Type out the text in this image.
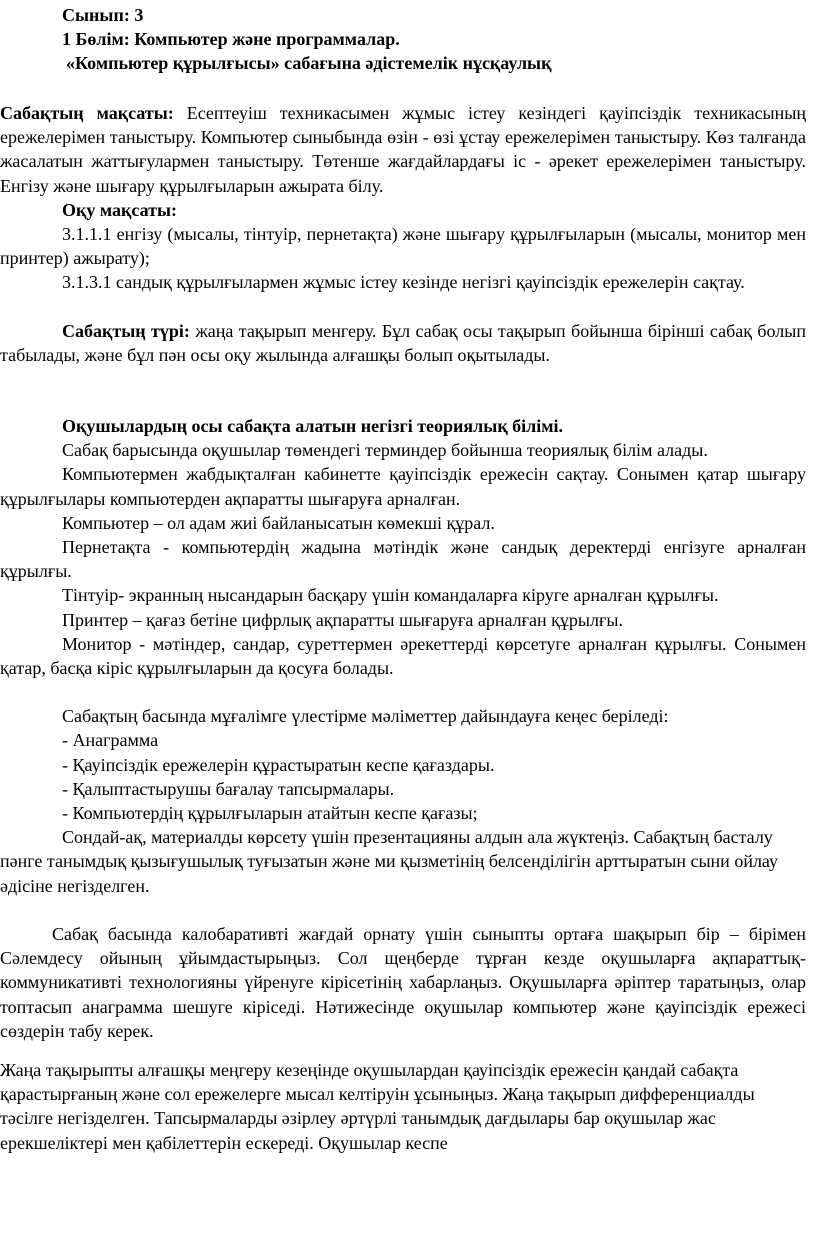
Сынып: 3
1 Бөлім: Компьютер және программалар.
«Компьютер құрылғысы» сабағына әдістемелік нұсқаулық

Сабақтың мақсаты: Есептеуіш техникасымен жұмыс істеу кезіндегі қауіпсіздік техникасының ережелерімен таныстыру. Компьютер сыныбында өзін - өзі ұстау ережелерімен таныстыру. Көз талғанда жасалатын жаттығулармен таныстыру. Төтенше жағдайлардағы іс - әрекет ережелерімен таныстыру. Енгізу және шығару құрылғыларын ажырата білу.

Оқу мақсаты:

3.1.1.1 енгізу (мысалы, тінтуір, пернетақта) және шығару құрылғыларын (мысалы, монитор мен принтер) ажырату);

3.1.3.1 сандық құрылғылармен жұмыс істеу кезінде негізгі қауіпсіздік ережелерін сақтау.

Сабақтың түрі: жаңа тақырып менгеру. Бұл сабақ осы тақырып бойынша бірінші сабақ болып табылады, және бұл пән осы оқу жылында алғашқы болып оқытылады.

Оқушылардың осы сабақта алатын негізгі теориялық білімі.

Сабақ барысында оқушылар төмендегі терминдер бойынша теориялық білім алады.

Компьютермен жабдықталған кабинетте қауіпсіздік ережесін сақтау. Сонымен қатар шығару құрылғылары компьютерден ақпаратты шығаруға арналған.

Компьютер – ол адам жиі байланысатын көмекші құрал.

Пернетақта - компьютердің жадына мәтіндік және сандық деректерді енгізуге арналған құрылғы.

Тінтуір- экранның нысандарын басқару үшін командаларға кіруге арналған құрылғы.

Принтер – қағаз бетіне цифрлық ақпаратты шығаруға арналған құрылғы.

Монитор - мәтіндер, сандар, суреттермен әрекеттерді көрсетуге арналған құрылғы. Сонымен қатар, басқа кіріс құрылғыларын да қосуға болады.

Сабақтың басында мұғалімге үлестірме мәліметтер дайындауға кеңес беріледі:

- Анаграмма

- Қауіпсіздік ережелерін құрастыратын кеспе қағаздары.

- Қалыптастырушы бағалау тапсырмалары.

- Компьютердің құрылғыларын атайтын кеспе қағазы;

Сондай-ақ, материалды көрсету үшін презентацияны алдын ала жүктеңіз. Сабақтың басталу пәнге танымдық қызығушылық туғызатын және ми қызметінің белсенділігін арттыратын сыни ойлау әдісіне негізделген.

Сабақ басында калобаративті жағдай орнату үшін сыныпты ортаға шақырып бір – бірімен Сәлемдесу ойының ұйымдастырыңыз. Сол щеңберде тұрған кезде оқушыларға ақпараттық- коммуникативті технологияны үйренуге кірісетінің хабарлаңыз. Оқушыларға әріптер таратыңыз, олар топтасып анаграмма шешуге кіріседі. Нәтижесінде оқушылар компьютер және қауіпсіздік ережесі сөздерін табу керек.

Жаңа тақырыпты алғашқы меңгеру кезеңінде оқушылардан қауіпсіздік ережесін қандай сабақта қарастырғаның және сол ережелерге мысал келтіруін ұсыныңыз. Жаңа тақырып дифференциалды тәсілге негізделген. Тапсырмаларды әзірлеу әртүрлі танымдық дағдылары бар оқушылар жас ерекшеліктері мен қабілеттерін ескереді. Оқушылар кеспе
